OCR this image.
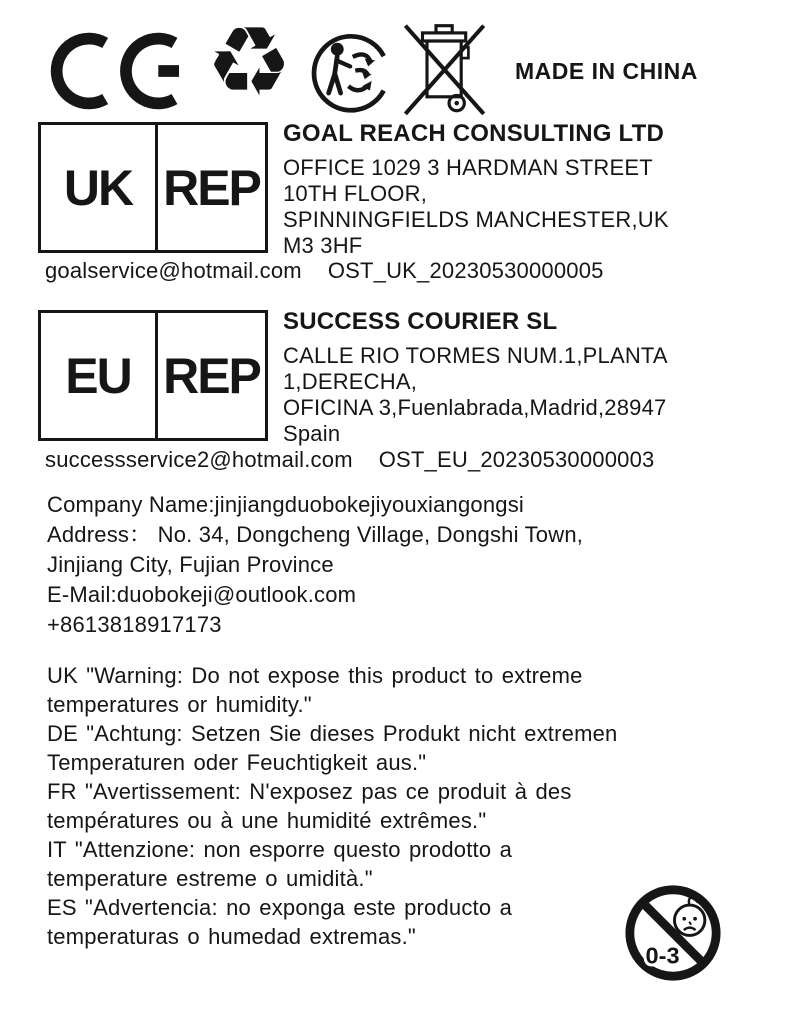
♻	MADE IN CHINA
UK REP
GOAL REACH CONSULTING LTD
OFFICE 1029 3 HARDMAN STREET
10TH FLOOR,
SPINNINGFIELDS MANCHESTER,UK
M3 3HF
goalservice@hotmail.com OST_UK_20230530000005
EU REP
SUCCESS COURIER SL
CALLE RIO TORMES NUM.1,PLANTA
1,DERECHA,
OFICINA 3,Fuenlabrada,Madrid,28947
Spain
successservice2@hotmail.com OST_EU_20230530000003
Company Name:jinjiangduobokejiyouxiangongsi
Address： No. 34, Dongcheng Village, Dongshi Town,
Jinjiang City, Fujian Province
E-Mail:duobokeji@outlook.com
+8613818917173
UK "Warning: Do not expose this product to extreme
temperatures or humidity."
DE "Achtung: Setzen Sie dieses Produkt nicht extremen
Temperaturen oder Feuchtigkeit aus."
FR "Avertissement: N'exposez pas ce produit à des
températures ou à une humidité extrêmes."
IT "Attenzione: non esporre questo prodotto a
temperature estreme o umidità."
ES "Advertencia: no exponga este producto a
temperaturas o humedad extremas."
0-3
